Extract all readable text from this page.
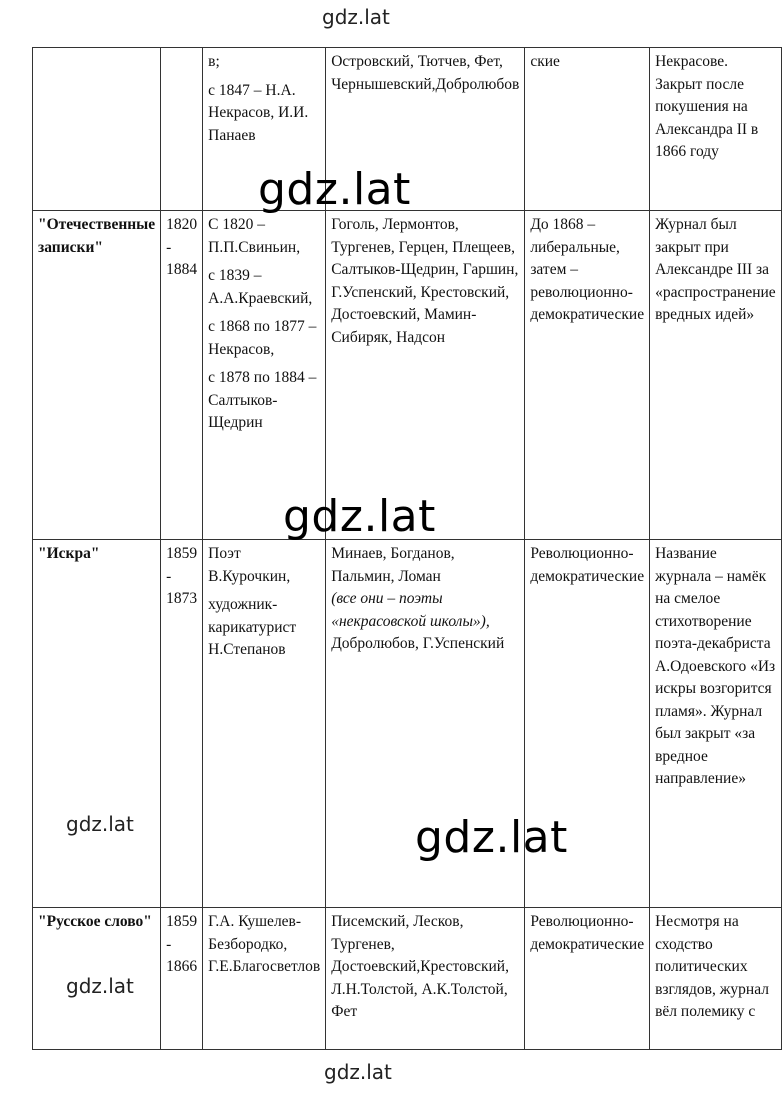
gdz.lat

		в;
с 1847 – Н.А. Некрасов, И.И. Панаев	Островский, Тютчев, Фет, Чернышевский,Добролюбов	ские	Некрасове. Закрыт после покушения на Александра II в 1866 году
"Отечественные записки"	1820 - 1884	С 1820 – П.П.Свиньин,
с 1839 – А.А.Краевский,
с 1868 по 1877 – Некрасов,
с 1878 по 1884 – Салтыков-Щедрин	Гоголь, Лермонтов, Тургенев, Герцен, Плещеев, Салтыков-Щедрин, Гаршин, Г.Успенский, Крестовский, Достоевский, Мамин-Сибиряк, Надсон	До 1868 – либеральные, затем – революционно-демократические	Журнал был закрыт при Александре III за «распространение вредных идей»
"Искра"	1859 - 1873	Поэт В.Курочкин,
художник-карикатурист Н.Степанов	Минаев, Богданов, Пальмин, Ломан
(все они – поэты «некрасовской школы»),
Добролюбов, Г.Успенский	Революционно-демократические	Название журнала – намёк на смелое стихотворение поэта-декабриста А.Одоевского «Из искры возгорится пламя». Журнал был закрыт «за вредное направление»
"Русское слово"	1859 - 1866	Г.А. Кушелев-Безбородко, Г.Е.Благосветлов	Писемский, Лесков, Тургенев, Достоевский,Крестовский, Л.Н.Толстой, А.К.Толстой, Фет	Революционно-демократические	Несмотря на сходство политических взглядов, журнал вёл полемику с
gdz.lat
gdz.lat
gdz.lat
gdz.lat
gdz.lat
gdz.lat
